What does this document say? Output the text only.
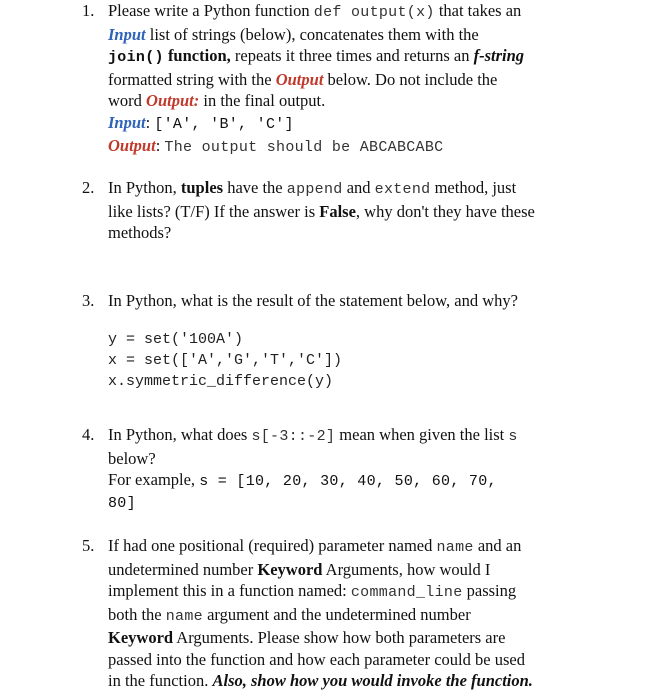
1. Please write a Python function def output(x) that takes an
Input list of strings (below), concatenates them with the
join() function, repeats it three times and returns an f-string
formatted string with the Output below. Do not include the
word Output: in the final output.
Input: ['A', 'B', 'C']
Output: The output should be ABCABCABC
2. In Python, tuples have the append and extend method, just
like lists? (T/F) If the answer is False, why don't they have these
methods?
3. In Python, what is the result of the statement below, and why?
y = set('100A')
x = set(['A','G','T','C'])
x.symmetric_difference(y)
4. In Python, what does s[-3::-2] mean when given the list s
below?
For example, s = [10, 20, 30, 40, 50, 60, 70,
80]
5. If had one positional (required) parameter named name and an
undetermined number Keyword Arguments, how would I
implement this in a function named: command_line passing
both the name argument and the undetermined number
Keyword Arguments. Please show how both parameters are
passed into the function and how each parameter could be used
in the function. Also, show how you would invoke the function.
